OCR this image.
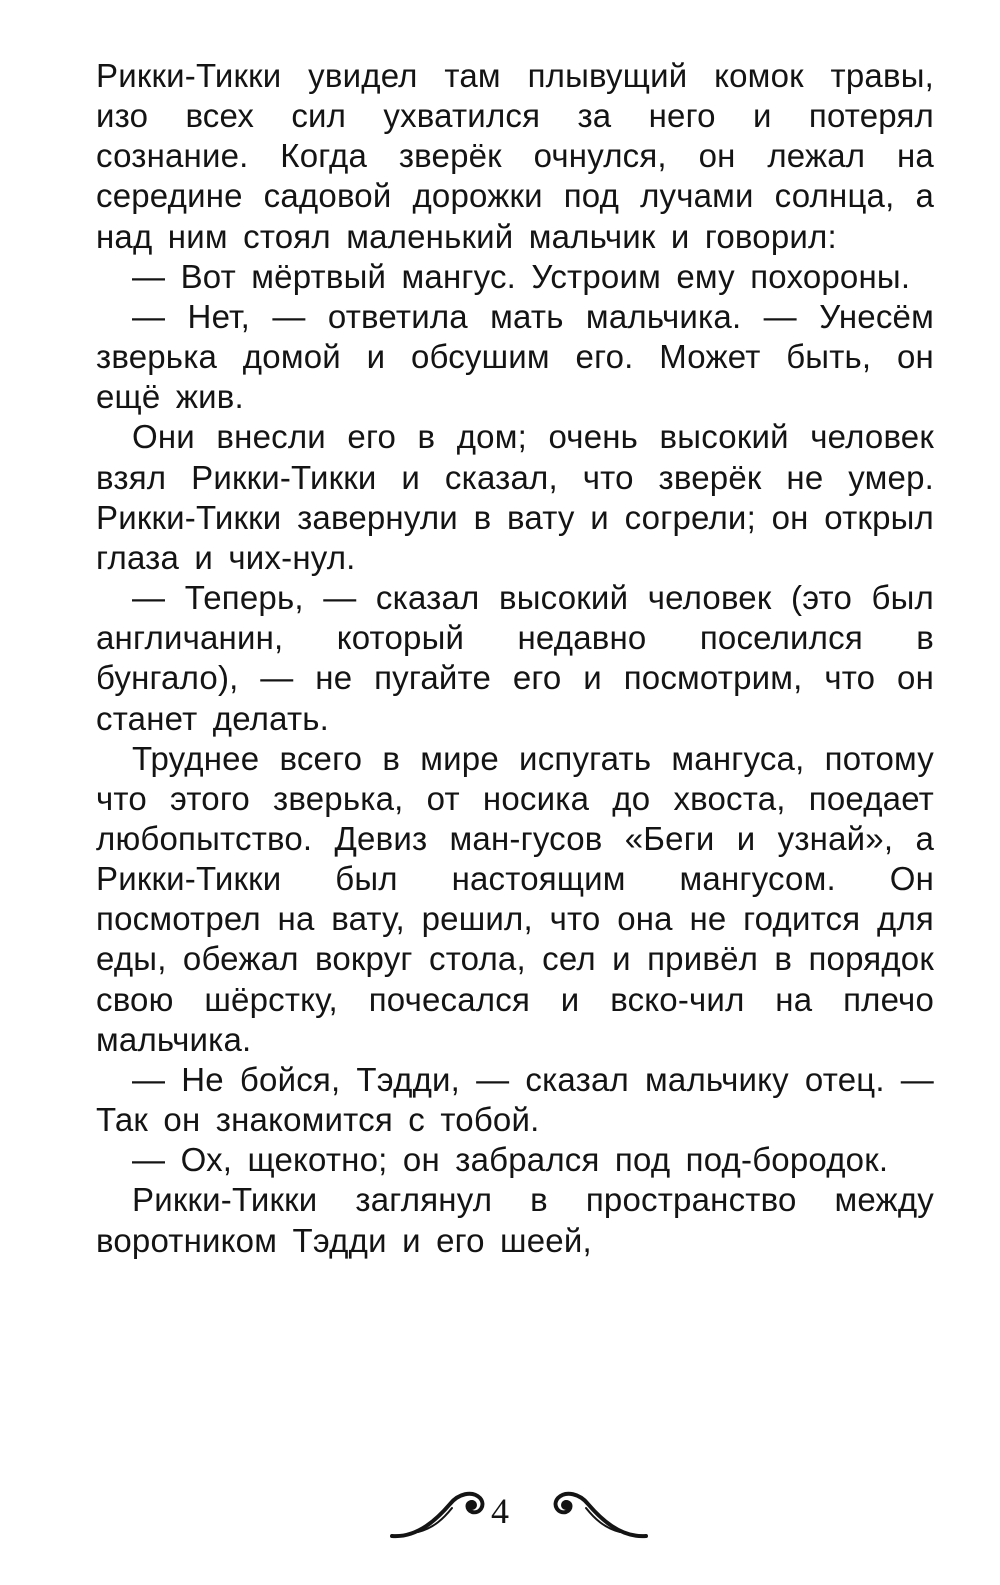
Рикки-Тикки увидел там плывущий комок травы, изо всех сил ухватился за него и потерял сознание. Когда зверёк очнулся, он лежал на середине садовой дорожки под лучами солнца, а над ним стоял маленький мальчик и говорил:

— Вот мёртвый мангус. Устроим ему похороны.

— Нет, — ответила мать мальчика. — Унесём зверька домой и обсушим его. Может быть, он ещё жив.

Они внесли его в дом; очень высокий человек взял Рикки-Тикки и сказал, что зверёк не умер. Рикки-Тикки завернули в вату и согрели; он открыл глаза и чих-нул.

— Теперь, — сказал высокий человек (это был англичанин, который недавно поселился в бунгало), — не пугайте его и посмотрим, что он станет делать.

Труднее всего в мире испугать мангуса, потому что этого зверька, от носика до хвоста, поедает любопытство. Девиз ман-гусов «Беги и узнай», а Рикки-Тикки был настоящим мангусом. Он посмотрел на вату, решил, что она не годится для еды, обежал вокруг стола, сел и привёл в порядок свою шёрстку, почесался и вско-чил на плечо мальчика.

— Не бойся, Тэдди, — сказал мальчику отец. — Так он знакомится с тобой.

— Ох, щекотно; он забрался под под-бородок.

Рикки-Тикки заглянул в пространство между воротником Тэдди и его шеей,

4
